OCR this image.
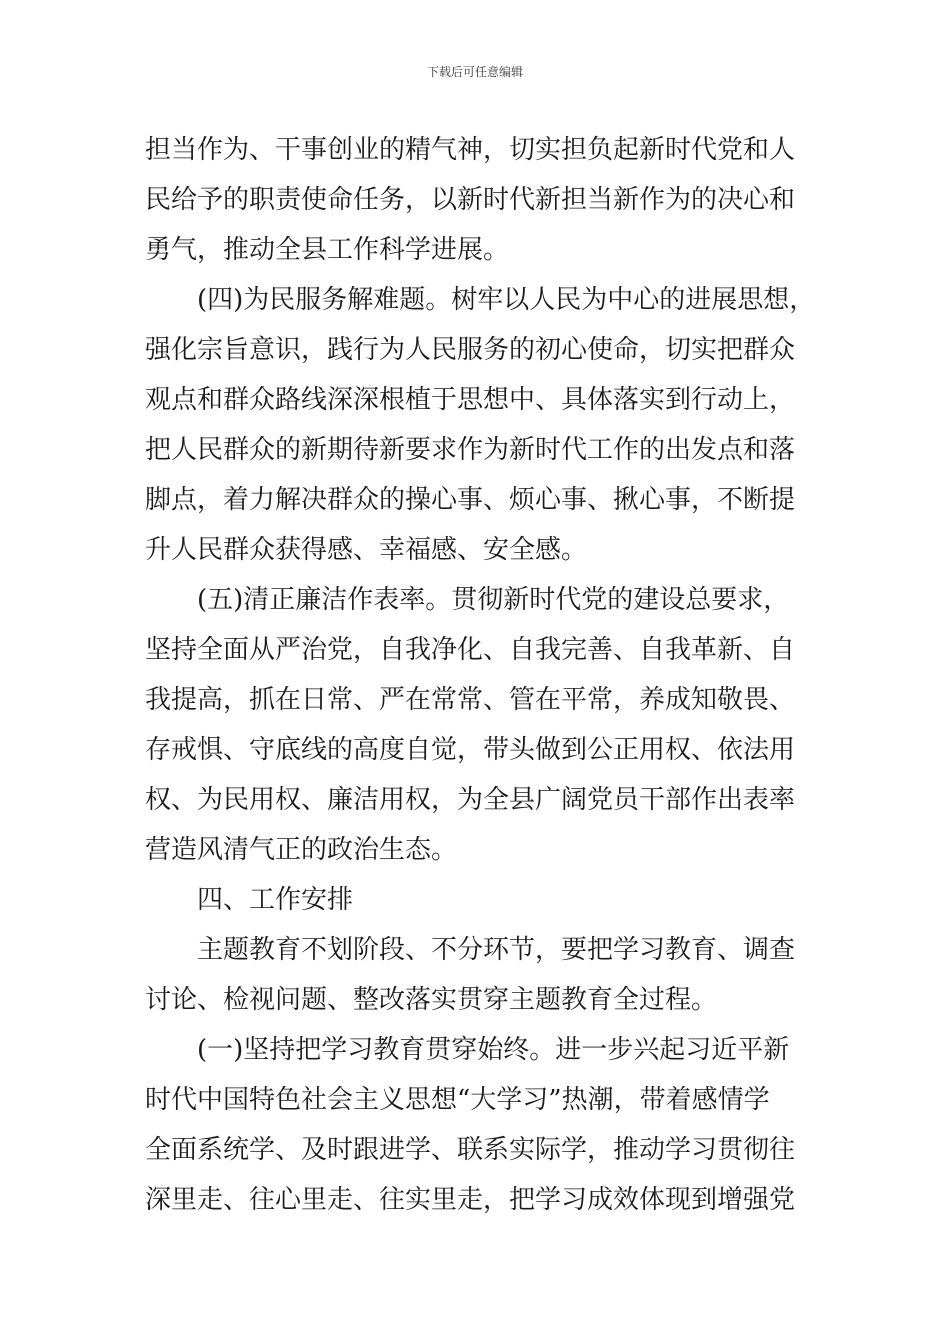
下载后可任意编辑
担当作为、干事创业的精气神，切实担负起新时代党和人
民给予的职责使命任务，以新时代新担当新作为的决心和
勇气，推动全县工作科学进展。
(四)为民服务解难题。树牢以人民为中心的进展思想，
强化宗旨意识，践行为人民服务的初心使命，切实把群众
观点和群众路线深深根植于思想中、具体落实到行动上，
把人民群众的新期待新要求作为新时代工作的出发点和落
脚点，着力解决群众的操心事、烦心事、揪心事，不断提
升人民群众获得感、幸福感、安全感。
(五)清正廉洁作表率。贯彻新时代党的建设总要求，
坚持全面从严治党，自我净化、自我完善、自我革新、自
我提高，抓在日常、严在常常、管在平常，养成知敬畏、
存戒惧、守底线的高度自觉，带头做到公正用权、依法用
权、为民用权、廉洁用权，为全县广阔党员干部作出表率
营造风清气正的政治生态。
四、工作安排
主题教育不划阶段、不分环节，要把学习教育、调查
讨论、检视问题、整改落实贯穿主题教育全过程。
(一)坚持把学习教育贯穿始终。进一步兴起习近平新
时代中国特色社会主义思想“大学习”热潮，带着感情学
全面系统学、及时跟进学、联系实际学，推动学习贯彻往
深里走、往心里走、往实里走，把学习成效体现到增强党
